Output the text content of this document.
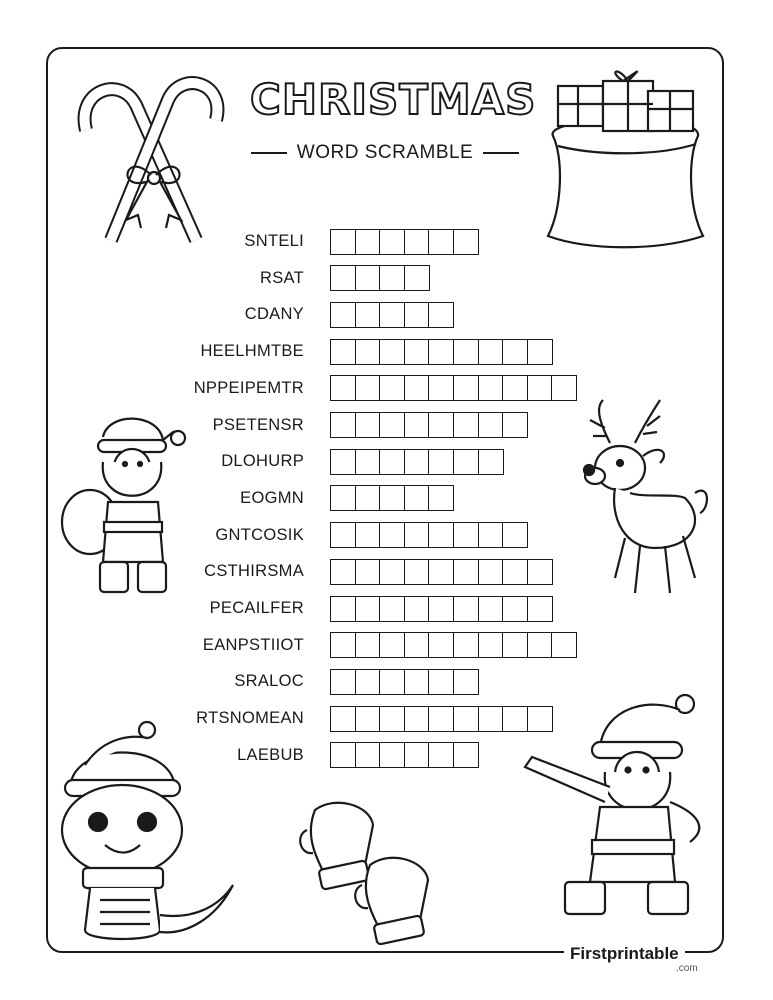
CHRISTMAS
WORD SCRAMBLE
SNTELI
RSAT
CDANY
HEELHMTBE
NPPEIPEMTR
PSETENSR
DLOHURP
EOGMN
GNTCOSIK
CSTHIRSMA
PECAILFER
EANPSTIIOT
SRALOC
RTSNOMEAN
LAEBUB
Firstprintable
.com
